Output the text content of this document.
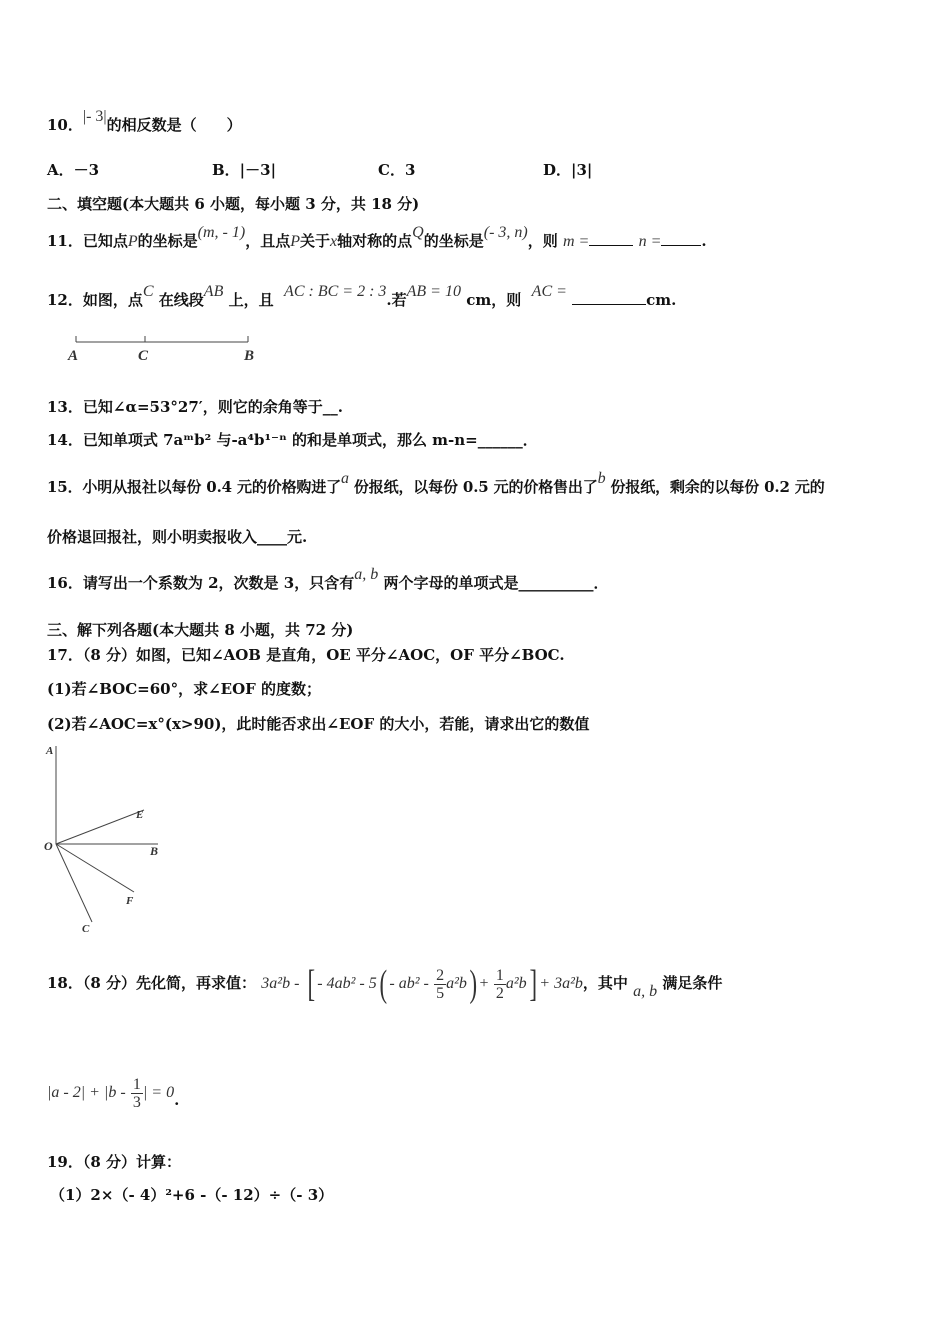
10．|- 3|的相反数是（　　）
A．－3	B．|－3|	C．3	D．|3|
二、填空题(本大题共 6 小题，每小题 3 分，共 18 分)
11．已知点P的坐标是(m, - 1)，且点P关于x轴对称的点Q的坐标是(- 3, n)，则 m =	n =	.
12．如图，点C 在线段AB 上，且 AC : BC = 2 : 3.若AB = 10 cm，则 AC =	cm.
A	C	B
13．已知∠α=53°27′，则它的余角等于__.
14．已知单项式 7aᵐb² 与-a⁴b¹⁻ⁿ 的和是单项式，那么 m-n=______．
15．小明从报社以每份 0.4 元的价格购进了a 份报纸，以每份 0.5 元的价格售出了b 份报纸，剩余的以每份 0.2 元的
价格退回报社，则小明卖报收入____元.
16．请写出一个系数为 2，次数是 3，只含有a, b 两个字母的单项式是__________．
三、解下列各题(本大题共 8 小题，共 72 分)
17．（8 分）如图，已知∠AOB 是直角，OE 平分∠AOC，OF 平分∠BOC.
(1)若∠BOC=60°，求∠EOF 的度数；
(2)若∠AOC=x°(x>90)，此时能否求出∠EOF 的大小，若能，请求出它的数值
A
O
E
B
F
C
18．（8 分）先化简，再求值： 3a²b - [ - $4ab^2 - 5( - ab^2 - \frac{2}{5} a^2b) + \frac{1}{2} a^2b] + 3a^2b$，其中 a, b 满足条件
$|a - 2| + |b - \frac{1}{3}$ | = 0.
19．（8 分）计算：
（1）2×（- 4）²+6 -（- 12）÷（- 3）
